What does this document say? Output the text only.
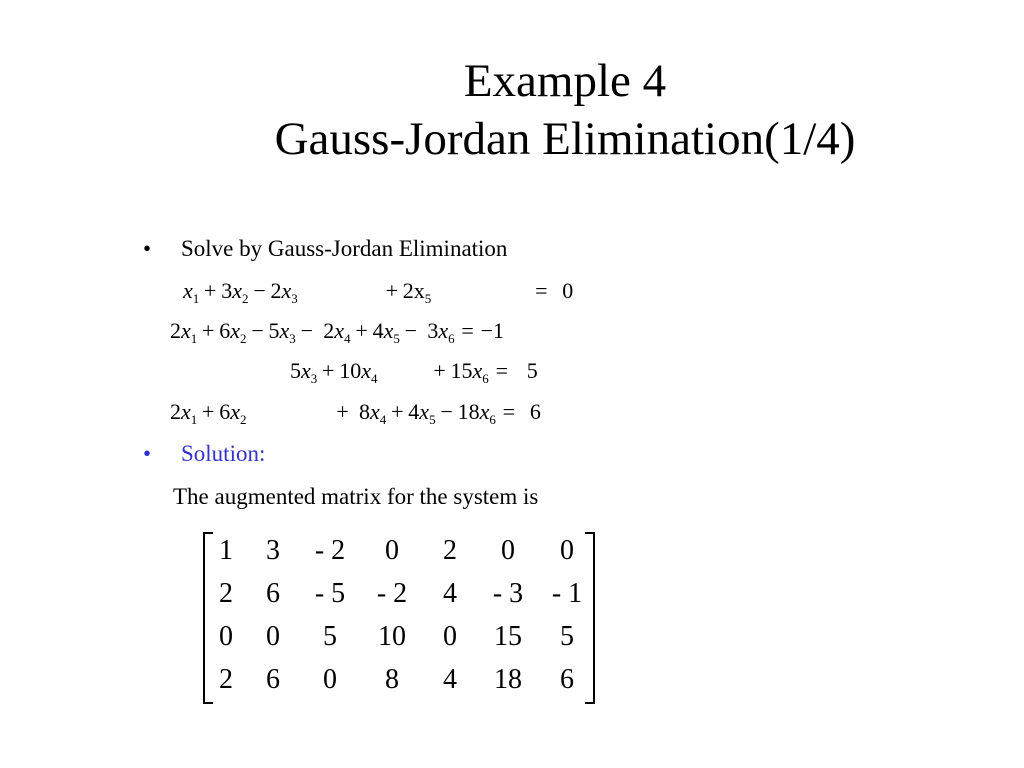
Example 4
Gauss-Jordan Elimination(1/4)
• Solve by Gauss-Jordan Elimination
$x_1 + 3x_2 - 2x_3$	+ $2x_5$	= 0
$2x_1 + 6x_2 - 5x_3 - 2x_4 + 4x_5 - 3x_6 = -1$
$5x_3 + 10x_4$	+ $15x_6 = 5$
$2x_1 + 6x_2$	+ $8x_4 + 4x_5 - 18x_6 = 6$
• Solution:
The augmented matrix for the system is
1	3	- 2	0	2	0	0
2	6	- 5	- 2	4	- 3	- 1
0	0	5	10	0	15	5
2	6	0	8	4	18	6
